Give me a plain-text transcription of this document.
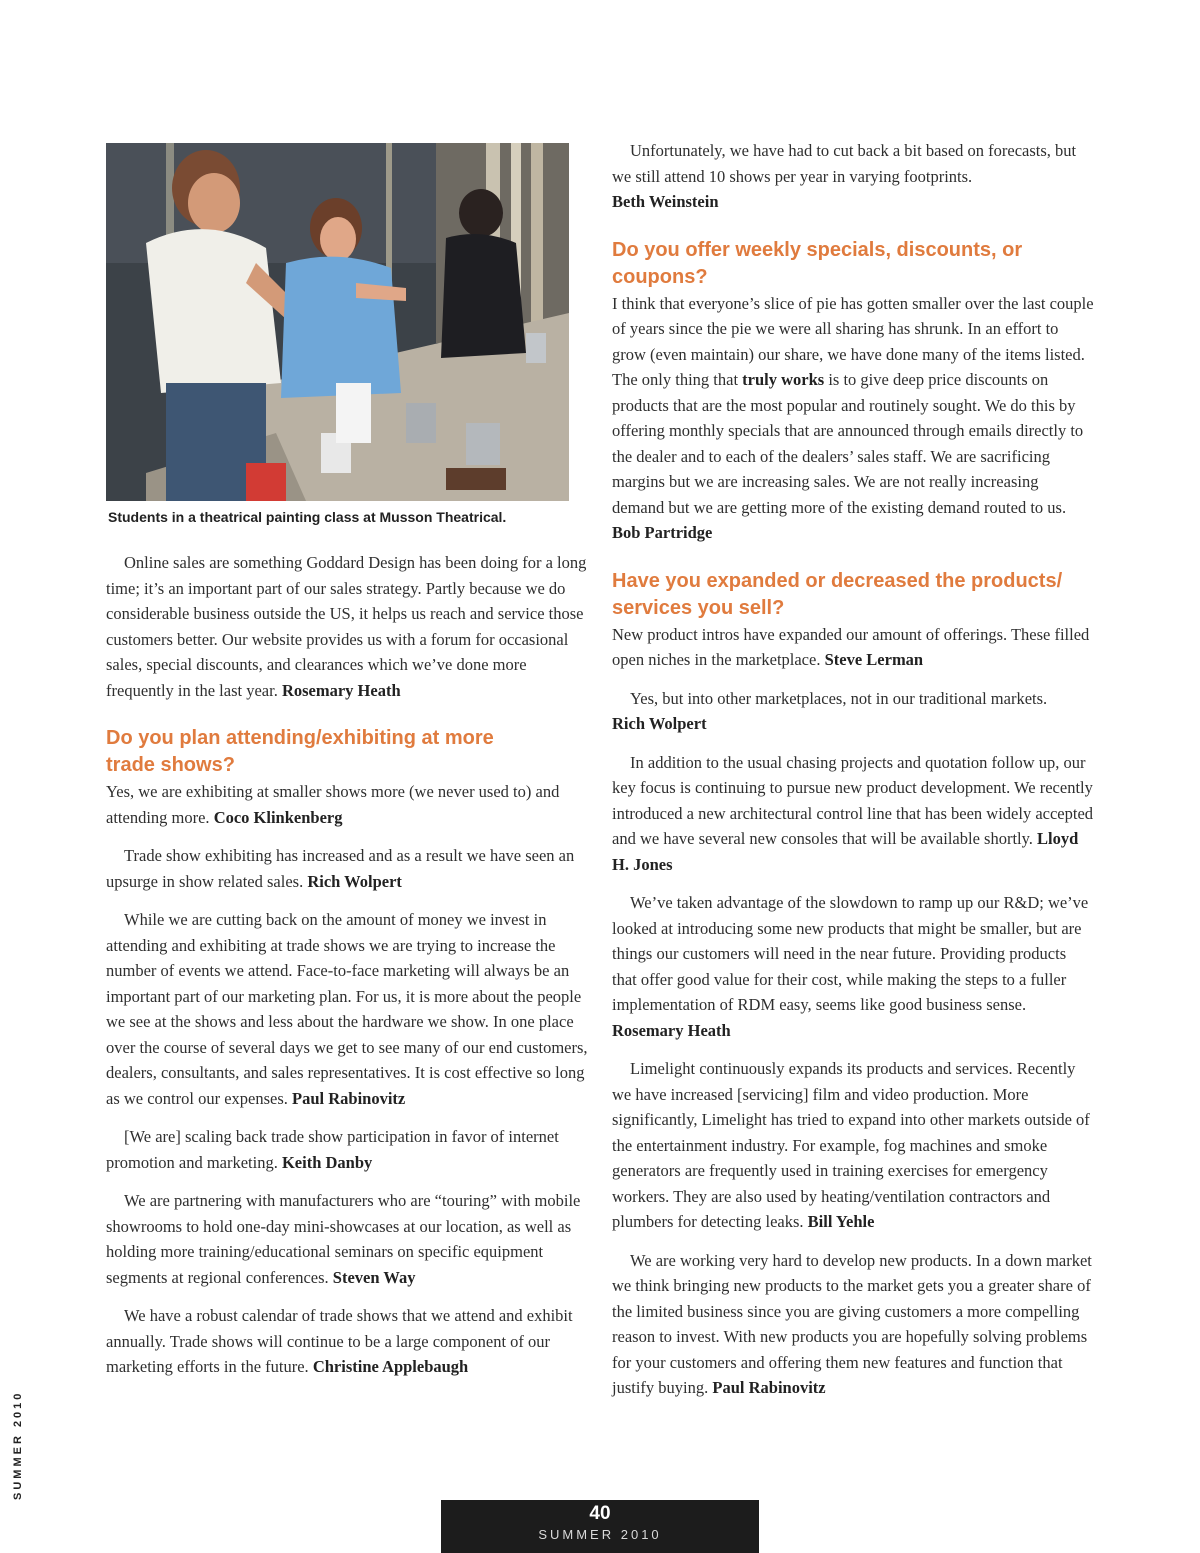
Students in a theatrical painting class at Musson Theatrical.

Online sales are something Goddard Design has been doing for a long time; it’s an important part of our sales strategy. Partly because we do considerable business outside the US, it helps us reach and service those customers better. Our website provides us with a forum for occasional sales, special discounts, and clearances which we’ve done more frequently in the last year. Rosemary Heath

Do you plan attending/exhibiting at more
trade shows?

Yes, we are exhibiting at smaller shows more (we never used to) and attending more. Coco Klinkenberg

Trade show exhibiting has increased and as a result we have seen an upsurge in show related sales. Rich Wolpert

While we are cutting back on the amount of money we invest in attending and exhibiting at trade shows we are trying to increase the number of events we attend. Face-to-face marketing will always be an important part of our marketing plan. For us, it is more about the people we see at the shows and less about the hardware we show. In one place over the course of several days we get to see many of our end customers, dealers, consultants, and sales representatives. It is cost effective so long as we control our expenses. Paul Rabinovitz

[We are] scaling back trade show participation in favor of internet promotion and marketing. Keith Danby

We are partnering with manufacturers who are “touring” with mobile showrooms to hold one-day mini-showcases at our location, as well as holding more training/educational seminars on specific equipment segments at regional conferences. Steven Way

We have a robust calendar of trade shows that we attend and exhibit annually. Trade shows will continue to be a large component of our marketing efforts in the future. Christine Applebaugh

Unfortunately, we have had to cut back a bit based on forecasts, but we still attend 10 shows per year in varying footprints.
Beth Weinstein

Do you offer weekly specials, discounts, or coupons?

I think that everyone’s slice of pie has gotten smaller over the last couple of years since the pie we were all sharing has shrunk. In an effort to grow (even maintain) our share, we have done many of the items listed. The only thing that truly works is to give deep price discounts on products that are the most popular and routinely sought. We do this by offering monthly specials that are announced through emails directly to the dealer and to each of the dealers’ sales staff. We are sacrificing margins but we are increasing sales. We are not really increasing demand but we are getting more of the existing demand routed to us. Bob Partridge

Have you expanded or decreased the products/
services you sell?

New product intros have expanded our amount of offerings. These filled open niches in the marketplace. Steve Lerman

Yes, but into other marketplaces, not in our traditional markets.
Rich Wolpert

In addition to the usual chasing projects and quotation follow up, our key focus is continuing to pursue new product development. We recently introduced a new architectural control line that has been widely accepted and we have several new consoles that will be available shortly. Lloyd H. Jones

We’ve taken advantage of the slowdown to ramp up our R&D; we’ve looked at introducing some new products that might be smaller, but are things our customers will need in the near future. Providing products that offer good value for their cost, while making the steps to a fuller implementation of RDM easy, seems like good business sense. Rosemary Heath

Limelight continuously expands its products and services. Recently we have increased [servicing] film and video production. More significantly, Limelight has tried to expand into other markets outside of the entertainment industry. For example, fog machines and smoke generators are frequently used in training exercises for emergency workers. They are also used by heating/ventilation contractors and plumbers for detecting leaks. Bill Yehle

We are working very hard to develop new products. In a down market we think bringing new products to the market gets you a greater share of the limited business since you are giving customers a more compelling reason to invest. With new products you are hopefully solving problems for your customers and offering them new features and function that justify buying. Paul Rabinovitz

SUMMER 2010
40
SUMMER 2010
